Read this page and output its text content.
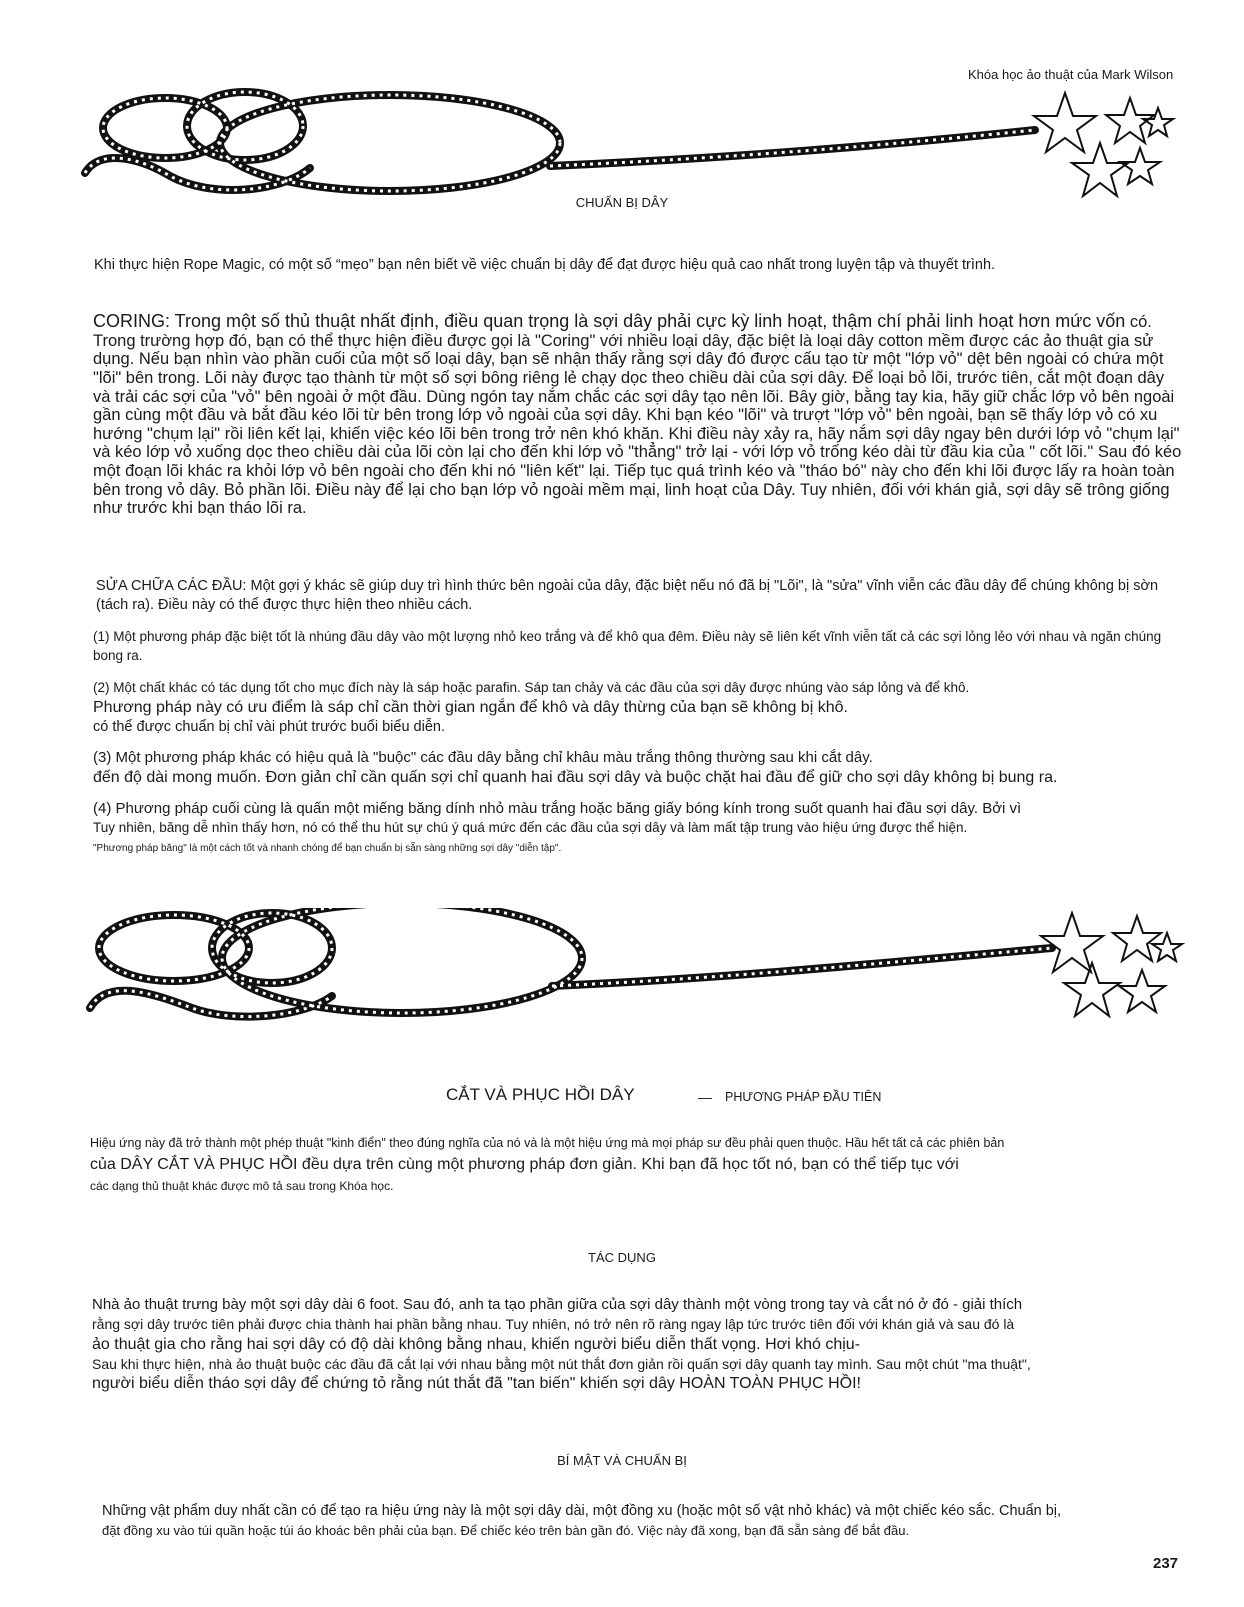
Khóa học ảo thuật của Mark Wilson

CHUẨN BỊ DÂY

Khi thực hiện Rope Magic, có một số “mẹo” bạn nên biết về việc chuẩn bị dây để đạt được hiệu quả cao nhất trong luyện tập và thuyết trình.

CORING: Trong một số thủ thuật nhất định, điều quan trọng là sợi dây phải cực kỳ linh hoạt, thậm chí phải linh hoạt hơn mức vốn có. Trong trường hợp đó, bạn có thể thực hiện điều được gọi là "Coring" với nhiều loại dây, đặc biệt là loại dây cotton mềm được các ảo thuật gia sử dụng. Nếu bạn nhìn vào phần cuối của một số loại dây, bạn sẽ nhận thấy rằng sợi dây đó được cấu tạo từ một "lớp vỏ" dệt bên ngoài có chứa một "lõi" bên trong. Lõi này được tạo thành từ một số sợi bông riêng lẻ chạy dọc theo chiều dài của sợi dây. Để loại bỏ lõi, trước tiên, cắt một đoạn dây và trải các sợi của "vỏ" bên ngoài ở một đầu. Dùng ngón tay nắm chắc các sợi dây tạo nên lõi. Bây giờ, bằng tay kia, hãy giữ chắc lớp vỏ bên ngoài gần cùng một đầu và bắt đầu kéo lõi từ bên trong lớp vỏ ngoài của sợi dây. Khi bạn kéo "lõi" và trượt "lớp vỏ" bên ngoài, bạn sẽ thấy lớp vỏ có xu hướng "chụm lại" rồi liên kết lại, khiến việc kéo lõi bên trong trở nên khó khăn. Khi điều này xảy ra, hãy nắm sợi dây ngay bên dưới lớp vỏ "chụm lại" và kéo lớp vỏ xuống dọc theo chiều dài của lõi còn lại cho đến khi lớp vỏ "thẳng" trở lại - với lớp vỏ trống kéo dài từ đầu kia của " cốt lõi." Sau đó kéo một đoạn lõi khác ra khỏi lớp vỏ bên ngoài cho đến khi nó "liên kết" lại. Tiếp tục quá trình kéo và "tháo bó" này cho đến khi lõi được lấy ra hoàn toàn bên trong vỏ dây. Bỏ phần lõi. Điều này để lại cho bạn lớp vỏ ngoài mềm mại, linh hoạt của Dây. Tuy nhiên, đối với khán giả, sợi dây sẽ trông giống như trước khi bạn tháo lõi ra.

SỬA CHỮA CÁC ĐẦU: Một gợi ý khác sẽ giúp duy trì hình thức bên ngoài của dây, đặc biệt nếu nó đã bị "Lõi", là "sửa" vĩnh viễn các đầu dây để chúng không bị sờn (tách ra). Điều này có thể được thực hiện theo nhiều cách.

(1) Một phương pháp đặc biệt tốt là nhúng đầu dây vào một lượng nhỏ keo trắng và để khô qua đêm. Điều này sẽ liên kết vĩnh viễn tất cả các sợi lỏng lẻo với nhau và ngăn chúng bong ra.

(2) Một chất khác có tác dụng tốt cho mục đích này là sáp hoặc parafin. Sáp tan chảy và các đầu của sợi dây được nhúng vào sáp lỏng và để khô.
Phương pháp này có ưu điểm là sáp chỉ cần thời gian ngắn để khô và dây thừng của bạn sẽ không bị khô.
có thể được chuẩn bị chỉ vài phút trước buổi biểu diễn.
(3) Một phương pháp khác có hiệu quả là "buộc" các đầu dây bằng chỉ khâu màu trắng thông thường sau khi cắt dây.
đến độ dài mong muốn. Đơn giản chỉ cần quấn sợi chỉ quanh hai đầu sợi dây và buộc chặt hai đầu để giữ cho sợi dây không bị bung ra.
(4) Phương pháp cuối cùng là quấn một miếng băng dính nhỏ màu trắng hoặc băng giấy bóng kính trong suốt quanh hai đầu sợi dây. Bởi vì
Tuy nhiên, băng dễ nhìn thấy hơn, nó có thể thu hút sự chú ý quá mức đến các đầu của sợi dây và làm mất tập trung vào hiệu ứng được thể hiện.

"Phương pháp băng" là một cách tốt và nhanh chóng để bạn chuẩn bị sẵn sàng những sợi dây "diễn tập".

CẮT VÀ PHỤC HỒI DÂY	— PHƯƠNG PHÁP ĐẦU TIÊN

Hiệu ứng này đã trở thành một phép thuật "kinh điển" theo đúng nghĩa của nó và là một hiệu ứng mà mọi pháp sư đều phải quen thuộc. Hầu hết tất cả các phiên bản
của DÂY CẮT VÀ PHỤC HỒI đều dựa trên cùng một phương pháp đơn giản. Khi bạn đã học tốt nó, bạn có thể tiếp tục với
các dạng thủ thuật khác được mô tả sau trong Khóa học.

TÁC DỤNG

Nhà ảo thuật trưng bày một sợi dây dài 6 foot. Sau đó, anh ta tạo phần giữa của sợi dây thành một vòng trong tay và cắt nó ở đó - giải thích
rằng sợi dây trước tiên phải được chia thành hai phần bằng nhau. Tuy nhiên, nó trở nên rõ ràng ngay lập tức trước tiên đối với khán giả và sau đó là
ảo thuật gia cho rằng hai sợi dây có độ dài không bằng nhau, khiến người biểu diễn thất vọng. Hơi khó chịu-
Sau khi thực hiện, nhà ảo thuật buộc các đầu đã cắt lại với nhau bằng một nút thắt đơn giản rồi quấn sợi dây quanh tay mình. Sau một chút "ma thuật",
người biểu diễn tháo sợi dây để chứng tỏ rằng nút thắt đã "tan biến" khiến sợi dây HOÀN TOÀN PHỤC HỒI!

BÍ MẬT VÀ CHUẨN BỊ

Những vật phẩm duy nhất cần có để tạo ra hiệu ứng này là một sợi dây dài, một đồng xu (hoặc một số vật nhỏ khác) và một chiếc kéo sắc. Chuẩn bị,
đặt đồng xu vào túi quần hoặc túi áo khoác bên phải của bạn. Để chiếc kéo trên bàn gần đó. Việc này đã xong, bạn đã sẵn sàng để bắt đầu.

237
